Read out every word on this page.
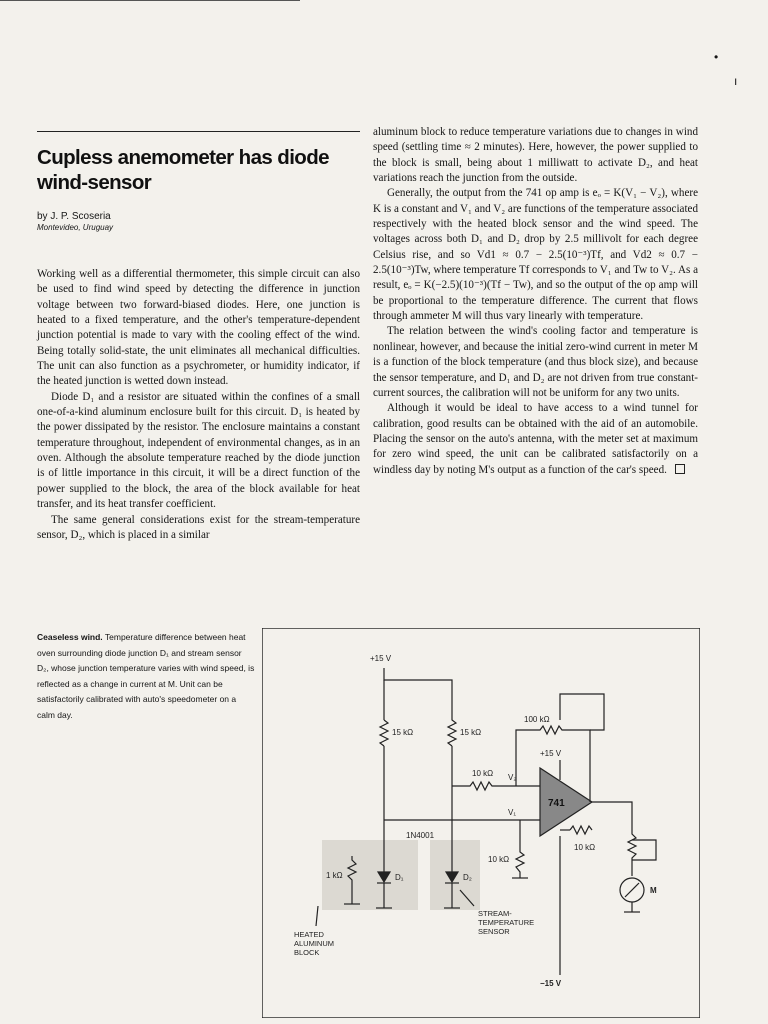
Cupless anemometer has diode wind-sensor
by J. P. Scoseria
Montevideo, Uruguay

Working well as a differential thermometer, this simple circuit can also be used to find wind speed by detecting the difference in junction voltage between two forward-biased diodes. Here, one junction is heated to a fixed temperature, and the other's temperature-dependent junction potential is made to vary with the cooling effect of the wind. Being totally solid-state, the unit eliminates all mechanical difficulties. The unit can also function as a psychrometer, or humidity indicator, if the heated junction is wetted down instead.

Diode D₁ and a resistor are situated within the confines of a small one-of-a-kind aluminum enclosure built for this circuit. D₁ is heated by the power dissipated by the resistor. The enclosure maintains a constant temperature throughout, independent of environmental changes, as in an oven. Although the absolute temperature reached by the diode junction is of little importance in this circuit, it will be a direct function of the power supplied to the block, the area of the block available for heat transfer, and its heat transfer coefficient.

The same general considerations exist for the stream-temperature sensor, D₂, which is placed in a similar

aluminum block to reduce temperature variations due to changes in wind speed (settling time ≈ 2 minutes). Here, however, the power supplied to the block is small, being about 1 milliwatt to activate D₂, and heat variations reach the junction from the outside.

Generally, the output from the 741 op amp is eₒ = K(V₁ − V₂), where K is a constant and V₁ and V₂ are functions of the temperature associated respectively with the heated block sensor and the wind speed. The voltages across both D₁ and D₂ drop by 2.5 millivolt for each degree Celsius rise, and so Vd1 ≈ 0.7 − 2.5(10⁻³)Tf, and Vd2 ≈ 0.7 − 2.5(10⁻³)Tw, where temperature Tf corresponds to V₁ and Tw to V₂. As a result, eₒ = K(−2.5)(10⁻³)(Tf − Tw), and so the output of the op amp will be proportional to the temperature difference. The current that flows through ammeter M will thus vary linearly with temperature.

The relation between the wind's cooling factor and temperature is nonlinear, however, and because the initial zero-wind current in meter M is a function of the block temperature (and thus block size), and because the sensor temperature, and D₁ and D₂ are not driven from true constant-current sources, the calibration will not be uniform for any two units.

Although it would be ideal to have access to a wind tunnel for calibration, good results can be obtained with the aid of an automobile. Placing the sensor on the auto's antenna, with the meter set at maximum for zero wind speed, the unit can be calibrated satisfactorily on a windless day by noting M's output as a function of the car's speed.

Ceaseless wind. Temperature difference between heat oven surrounding diode junction D₁ and stream sensor D₂, whose junction temperature varies with wind speed, is reflected as a change in current at M. Unit can be satisfactorily calibrated with auto's speedometer on a calm day.
+15 V
15 kΩ	15 kΩ
10 kΩ V₂
V₁
741
+15 V
100 kΩ
10 kΩ
M
1N4001
10 kΩ
1 kΩ	D₁	D₂
STREAM-
TEMPERATURE
SENSOR
HEATED
ALUMINUM
BLOCK
−15 V
•
ı
